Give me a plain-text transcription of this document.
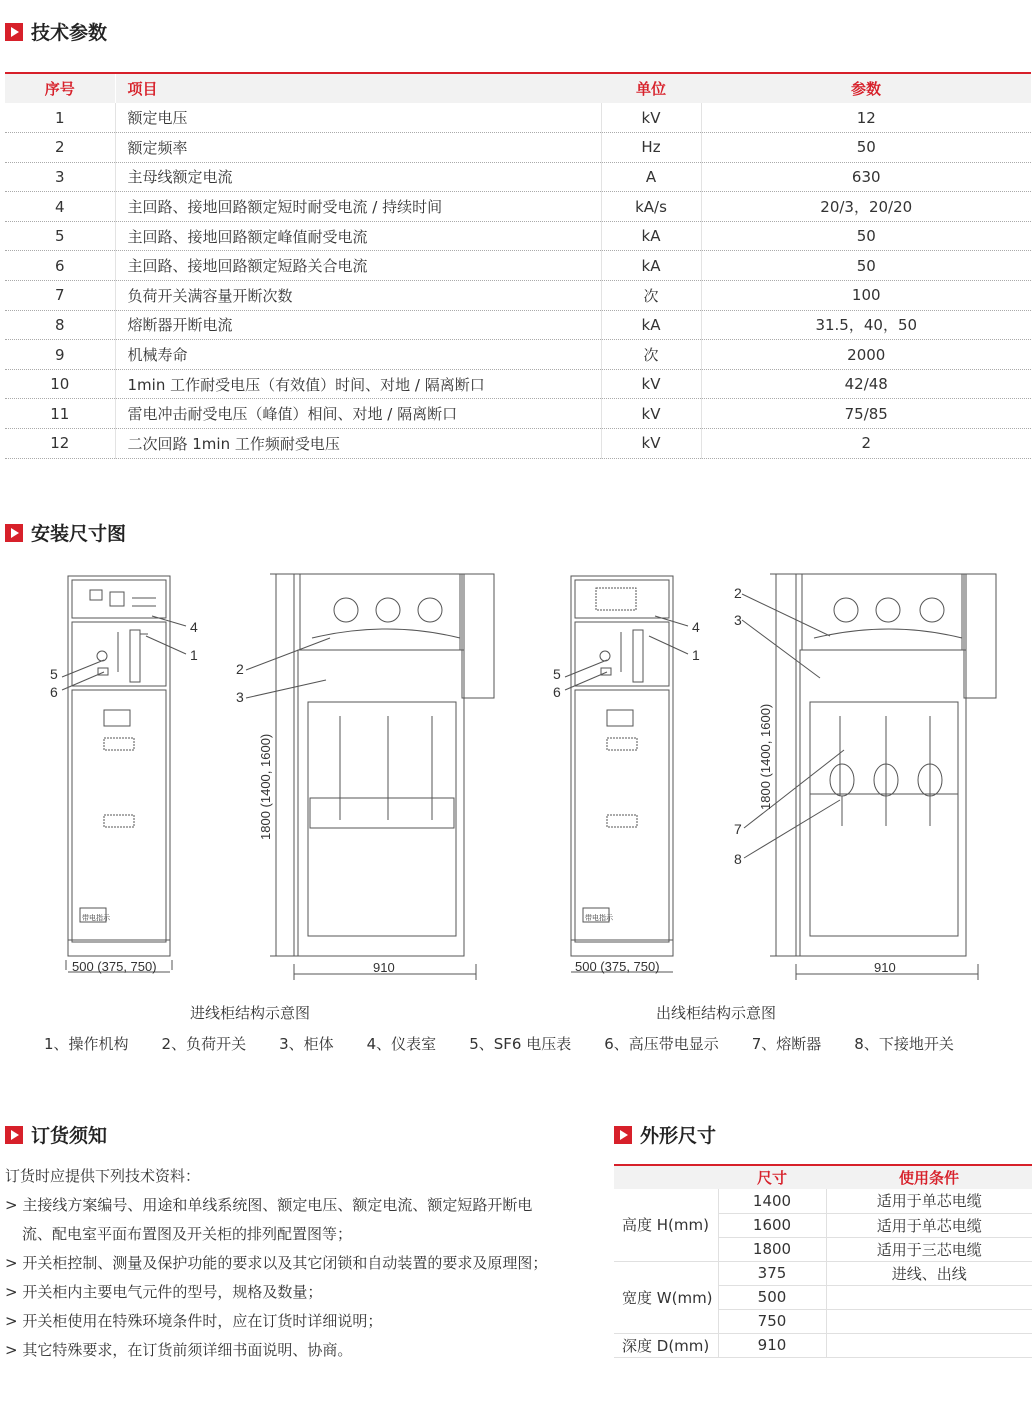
技术参数
序号	项目	单位	参数
1	额定电压	kV	12
2	额定频率	Hz	50
3	主母线额定电流	A	630
4	主回路、接地回路额定短时耐受电流 / 持续时间	kA/s	20/3，20/20
5	主回路、接地回路额定峰值耐受电流	kA	50
6	主回路、接地回路额定短路关合电流	kA	50
7	负荷开关满容量开断次数	次	100
8	熔断器开断电流	kA	31.5，40，50
9	机械寿命	次	2000
10	1min 工作耐受电压（有效值）时间、对地 / 隔离断口	kV	42/48
11	雷电冲击耐受电压（峰值）相间、对地 / 隔离断口	kV	75/85
12	二次回路 1min 工作频耐受电压	kV	2
安装尺寸图
4
1
5
6
2
3
4
1
5
6
2
3
7
8
500 (375, 750)	910	500 (375, 750)	910
1800 (1400, 1600)	1800 (1400, 1600)
带电指示	带电指示
进线柜结构示意图	出线柜结构示意图
1、操作机构 2、负荷开关 3、柜体 4、仪表室 5、SF6 电压表 6、高压带电显示 7、熔断器 8、下接地开关
订货须知

订货时应提供下列技术资料：

> 主接线方案编号、用途和单线系统图、额定电压、额定电流、额定短路开断电

流、配电室平面布置图及开关柜的排列配置图等；

> 开关柜控制、测量及保护功能的要求以及其它闭锁和自动装置的要求及原理图；

> 开关柜内主要电气元件的型号，规格及数量；

> 开关柜使用在特殊环境条件时，应在订货时详细说明；

> 其它特殊要求，在订货前须详细书面说明、协商。

外形尺寸
	尺寸	使用条件
高度 H(mm)	1400	适用于单芯电缆
	1600	适用于单芯电缆
	1800	适用于三芯电缆
宽度 W(mm)	375	进线、出线
	500	
	750	
深度 D(mm)	910	
